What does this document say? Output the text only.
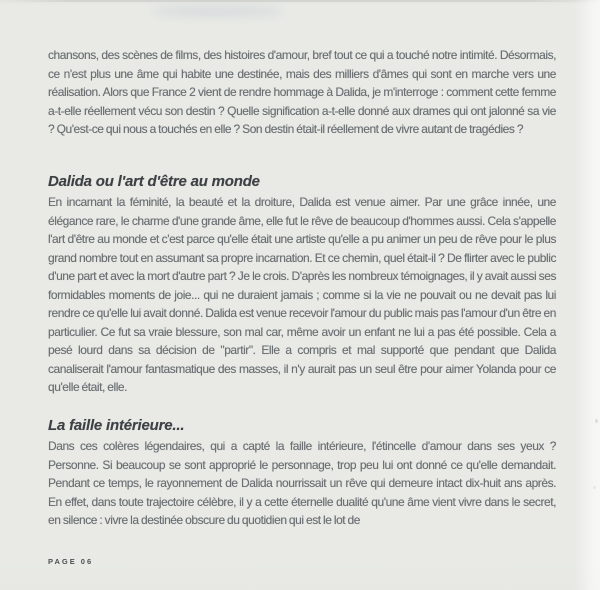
chansons, des scènes de films, des histoires d'amour, bref tout ce qui a touché notre intimité. Désormais, ce n'est plus une âme qui habite une destinée, mais des milliers d'âmes qui sont en marche vers une réalisation. Alors que France 2 vient de rendre hommage à Dalida, je m'interroge : comment cette femme a-t-elle réellement vécu son destin ? Quelle signification a-t-elle donné aux drames qui ont jalonné sa vie ? Qu'est-ce qui nous a touchés en elle ? Son destin était-il réellement de vivre autant de tragédies ?

Dalida ou l'art d'être au monde

En incarnant la féminité, la beauté et la droiture, Dalida est venue aimer. Par une grâce innée, une élégance rare, le charme d'une grande âme, elle fut le rêve de beaucoup d'hommes aussi. Cela s'appelle l'art d'être au monde et c'est parce qu'elle était une artiste qu'elle a pu animer un peu de rêve pour le plus grand nombre tout en assumant sa propre incarnation. Et ce chemin, quel était-il ? De flirter avec le public d'une part et avec la mort d'autre part ? Je le crois. D'après les nombreux témoignages, il y avait aussi ses formidables moments de joie... qui ne duraient jamais ; comme si la vie ne pouvait ou ne devait pas lui rendre ce qu'elle lui avait donné. Dalida est venue recevoir l'amour du public mais pas l'amour d'un être en particulier. Ce fut sa vraie blessure, son mal car, même avoir un enfant ne lui a pas été possible. Cela a pesé lourd dans sa décision de "partir". Elle a compris et mal supporté que pendant que Dalida canaliserait l'amour fantasmatique des masses, il n'y aurait pas un seul être pour aimer Yolanda pour ce qu'elle était, elle.

La faille intérieure...

Dans ces colères légendaires, qui a capté la faille intérieure, l'étincelle d'amour dans ses yeux ? Personne. Si beaucoup se sont approprié le personnage, trop peu lui ont donné ce qu'elle demandait. Pendant ce temps, le rayonnement de Dalida nourrissait un rêve qui demeure intact dix-huit ans après. En effet, dans toute trajectoire célèbre, il y a cette éternelle dualité qu'une âme vient vivre dans le secret, en silence : vivre la destinée obscure du quotidien qui est le lot de

PAGE 06
